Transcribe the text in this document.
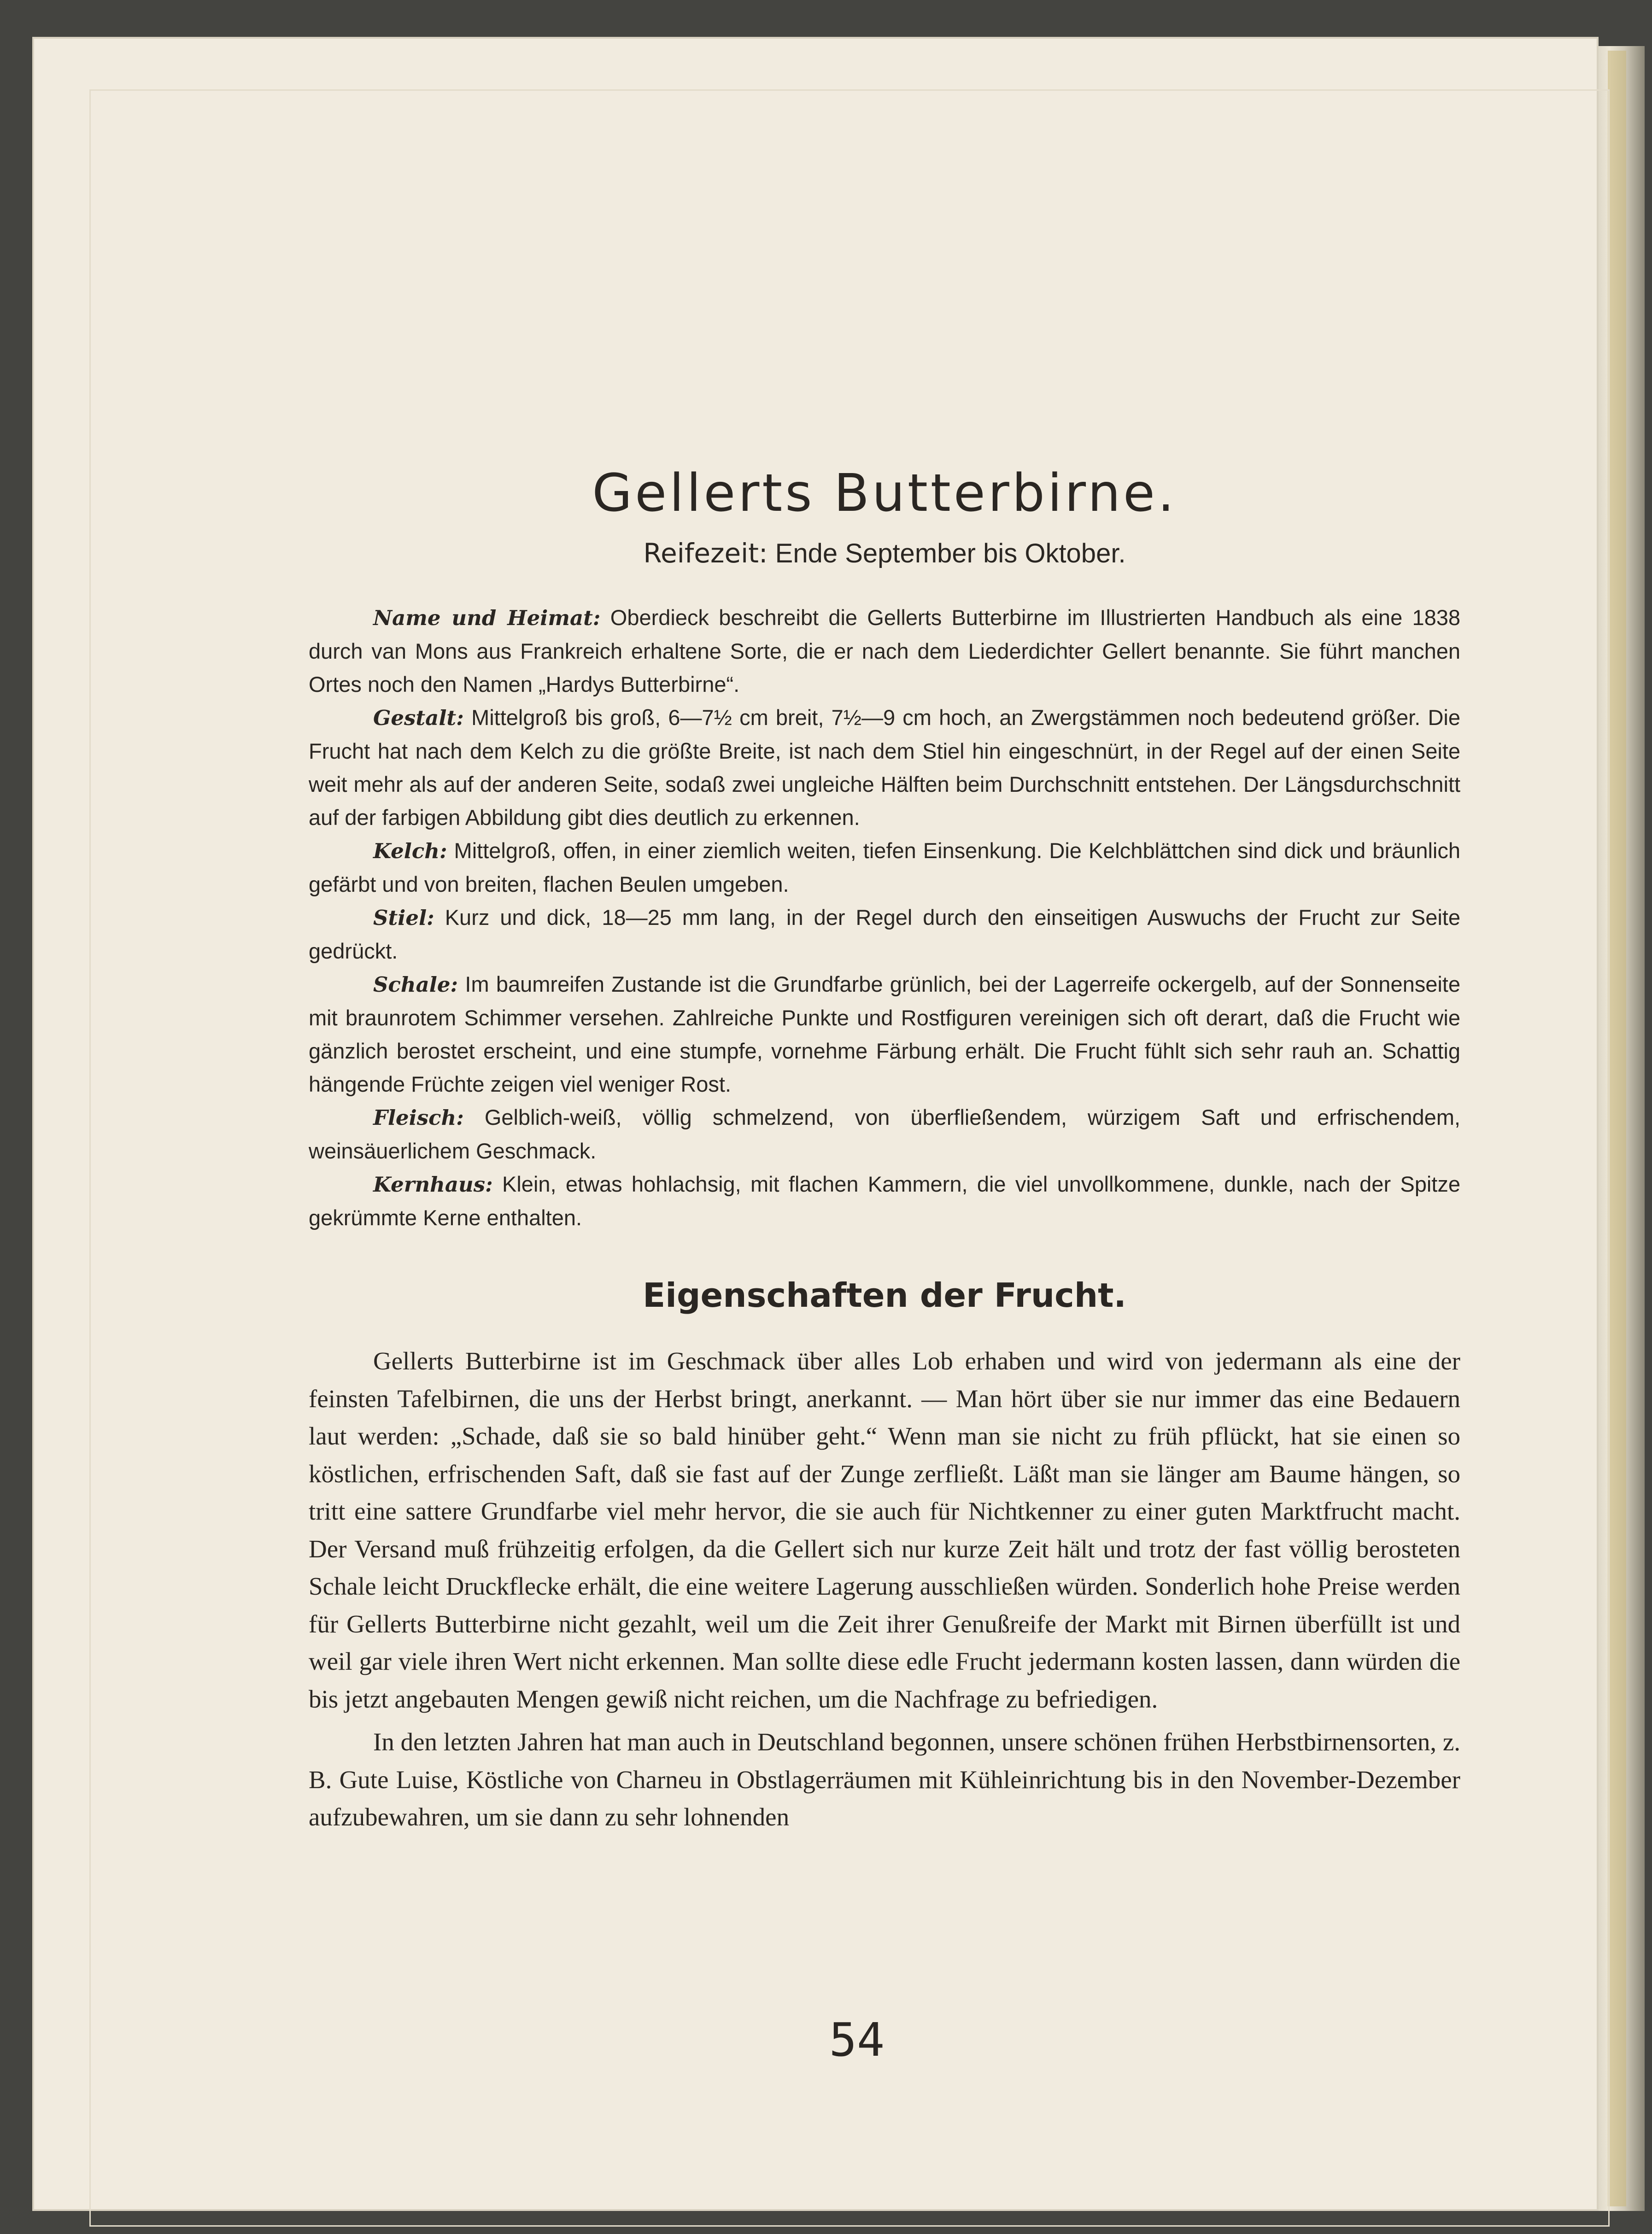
Gellerts Butterbirne.
Reifezeit: Ende September bis Oktober.

Name und Heimat: Oberdieck beschreibt die Gellerts Butterbirne im Illustrierten Handbuch als eine 1838 durch van Mons aus Frankreich erhaltene Sorte, die er nach dem Liederdichter Gellert benannte. Sie führt manchen Ortes noch den Namen „Hardys Butterbirne“.

Gestalt: Mittelgroß bis groß, 6—7½ cm breit, 7½—9 cm hoch, an Zwergstämmen noch bedeutend größer. Die Frucht hat nach dem Kelch zu die größte Breite, ist nach dem Stiel hin eingeschnürt, in der Regel auf der einen Seite weit mehr als auf der anderen Seite, sodaß zwei ungleiche Hälften beim Durchschnitt entstehen. Der Längsdurchschnitt auf der farbigen Abbildung gibt dies deutlich zu erkennen.

Kelch: Mittelgroß, offen, in einer ziemlich weiten, tiefen Einsenkung. Die Kelchblättchen sind dick und bräunlich gefärbt und von breiten, flachen Beulen umgeben.

Stiel: Kurz und dick, 18—25 mm lang, in der Regel durch den einseitigen Auswuchs der Frucht zur Seite gedrückt.

Schale: Im baumreifen Zustande ist die Grundfarbe grünlich, bei der Lagerreife ockergelb, auf der Sonnenseite mit braunrotem Schimmer versehen. Zahlreiche Punkte und Rostfiguren vereinigen sich oft derart, daß die Frucht wie gänzlich berostet erscheint, und eine stumpfe, vornehme Färbung erhält. Die Frucht fühlt sich sehr rauh an. Schattig hängende Früchte zeigen viel weniger Rost.

Fleisch: Gelblich-weiß, völlig schmelzend, von überfließendem, würzigem Saft und erfrischendem, weinsäuerlichem Geschmack.

Kernhaus: Klein, etwas hohlachsig, mit flachen Kammern, die viel unvollkommene, dunkle, nach der Spitze gekrümmte Kerne enthalten.

Eigenschaften der Frucht.

Gellerts Butterbirne ist im Geschmack über alles Lob erhaben und wird von jedermann als eine der feinsten Tafelbirnen, die uns der Herbst bringt, anerkannt. — Man hört über sie nur immer das eine Bedauern laut werden: „Schade, daß sie so bald hinüber geht.“ Wenn man sie nicht zu früh pflückt, hat sie einen so köstlichen, erfrischenden Saft, daß sie fast auf der Zunge zerfließt. Läßt man sie länger am Baume hängen, so tritt eine sattere Grundfarbe viel mehr hervor, die sie auch für Nichtkenner zu einer guten Marktfrucht macht. Der Versand muß frühzeitig erfolgen, da die Gellert sich nur kurze Zeit hält und trotz der fast völlig berosteten Schale leicht Druckflecke erhält, die eine weitere Lagerung ausschließen würden. Sonderlich hohe Preise werden für Gellerts Butterbirne nicht gezahlt, weil um die Zeit ihrer Genußreife der Markt mit Birnen überfüllt ist und weil gar viele ihren Wert nicht erkennen. Man sollte diese edle Frucht jedermann kosten lassen, dann würden die bis jetzt angebauten Mengen gewiß nicht reichen, um die Nachfrage zu befriedigen.

In den letzten Jahren hat man auch in Deutschland begonnen, unsere schönen frühen Herbstbirnensorten, z. B. Gute Luise, Köstliche von Charneu in Obstlagerräumen mit Kühleinrichtung bis in den November-Dezember aufzubewahren, um sie dann zu sehr lohnenden

54
